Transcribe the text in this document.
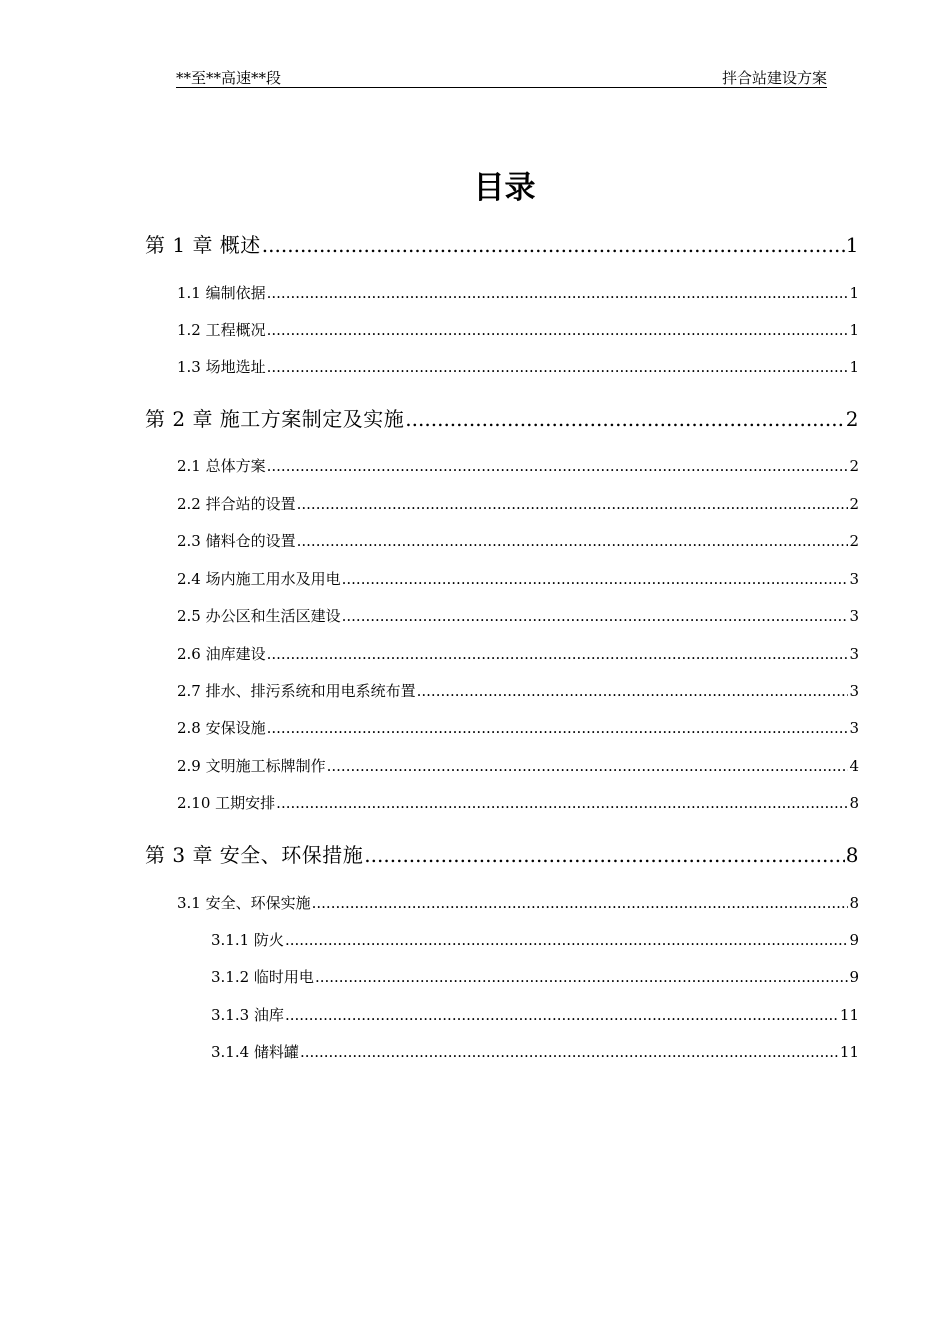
**至**高速**段	拌合站建设方案
目录
第 1 章 概述 .....	1
1.1 编制依据 .....	1
1.2 工程概况 .....	1
1.3 场地选址 .....	1
第 2 章 施工方案制定及实施 .....	2
2.1 总体方案 .....	2
2.2 拌合站的设置 .....	2
2.3 储料仓的设置 .....	2
2.4 场内施工用水及用电 .....	3
2.5 办公区和生活区建设 .....	3
2.6 油库建设 .....	3
2.7 排水、排污系统和用电系统布置 .....	3
2.8 安保设施 .....	3
2.9 文明施工标牌制作 .....	4
2.10 工期安排 .....	8
第 3 章 安全、环保措施 .....	8
3.1 安全、环保实施 .....	8
3.1.1 防火 .....	9
3.1.2 临时用电 .....	9
3.1.3 油库 .....	11
3.1.4 储料罐 .....	11
